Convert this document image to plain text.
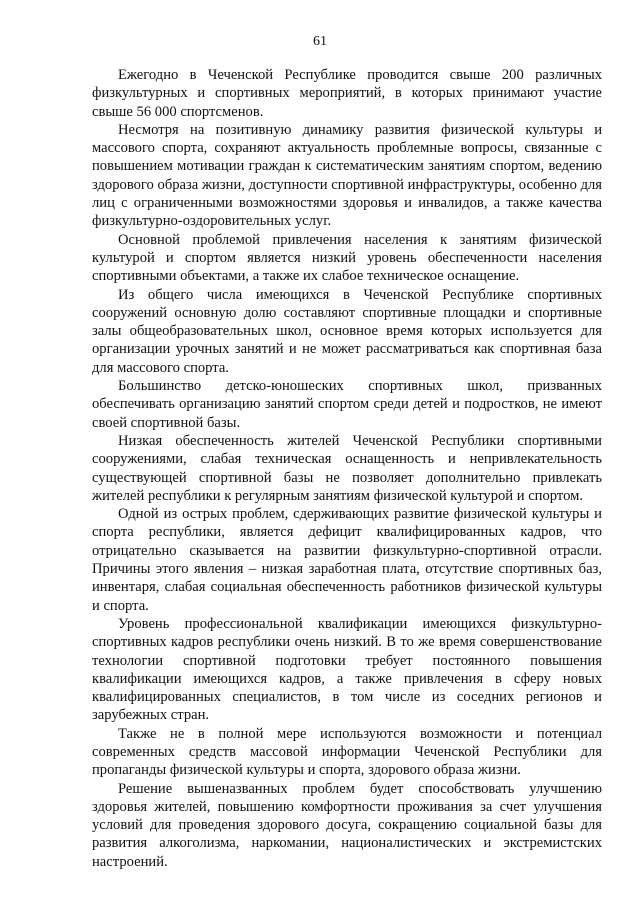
61

Ежегодно в Чеченской Республике проводится свыше 200 различных физкультурных и спортивных мероприятий, в которых принимают участие свыше 56 000 спортсменов.

Несмотря на позитивную динамику развития физической культуры и массового спорта, сохраняют актуальность проблемные вопросы, связанные с повышением мотивации граждан к систематическим занятиям спортом, ведению здорового образа жизни, доступности спортивной инфраструктуры, особенно для лиц с ограниченными возможностями здоровья и инвалидов, а также качества физкультурно-оздоровительных услуг.

Основной проблемой привлечения населения к занятиям физической культурой и спортом является низкий уровень обеспеченности населения спортивными объектами, а также их слабое техническое оснащение.

Из общего числа имеющихся в Чеченской Республике спортивных сооружений основную долю составляют спортивные площадки и спортивные залы общеобразовательных школ, основное время которых используется для организации урочных занятий и не может рассматриваться как спортивная база для массового спорта.

Большинство детско-юношеских спортивных школ, призванных обеспечивать организацию занятий спортом среди детей и подростков, не имеют своей спортивной базы.

Низкая обеспеченность жителей Чеченской Республики спортивными сооружениями, слабая техническая оснащенность и непривлекательность существующей спортивной базы не позволяет дополнительно привлекать жителей республики к регулярным занятиям физической культурой и спортом.

Одной из острых проблем, сдерживающих развитие физической культуры и спорта республики, является дефицит квалифицированных кадров, что отрицательно сказывается на развитии физкультурно-спортивной отрасли. Причины этого явления – низкая заработная плата, отсутствие спортивных баз, инвентаря, слабая социальная обеспеченность работников физической культуры и спорта.

Уровень профессиональной квалификации имеющихся физкультурно-спортивных кадров республики очень низкий. В то же время совершенствование технологии спортивной подготовки требует постоянного повышения квалификации имеющихся кадров, а также привлечения в сферу новых квалифицированных специалистов, в том числе из соседних регионов и зарубежных стран.

Также не в полной мере используются возможности и потенциал современных средств массовой информации Чеченской Республики для пропаганды физической культуры и спорта, здорового образа жизни.

Решение вышеназванных проблем будет способствовать улучшению здоровья жителей, повышению комфортности проживания за счет улучшения условий для проведения здорового досуга, сокращению социальной базы для развития алкоголизма, наркомании, националистических и экстремистских настроений.
